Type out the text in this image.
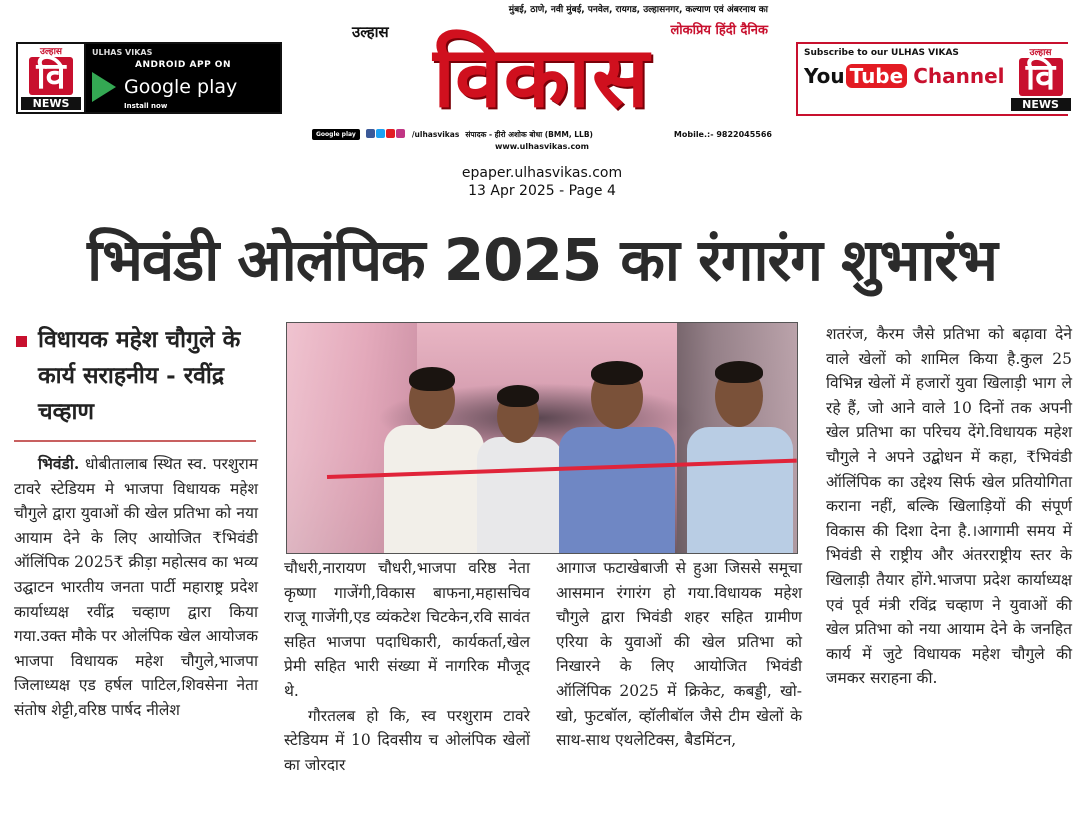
उल्हास
वि
NEWS
ULHAS VIKAS
ANDROID APP ON
Google play
Install now
मुंबई, ठाणे, नवी मुंबई, पनवेल, रायगड, उल्हासनगर, कल्याण एवं अंबरनाथ का
लोकप्रिय हिंदी दैनिक
उल्हास विकास
Google play	/ulhasvikas संपादक - हीरो अशोक बोधा (BMM, LLB)	Mobile.:- 9822045566
www.ulhasvikas.com
Subscribe to our ULHAS VIKAS
You Tube Channel
उल्हास
वि
NEWS
epaper.ulhasvikas.com
13 Apr 2025 - Page 4
भिवंडी ओलंपिक 2025 का रंगारंग शुभारंभ
विधायक महेश चौगुले के कार्य सराहनीय - रवींद्र चव्हाण

भिवंडी. धोबीतालाब स्थित स्व. परशुराम टावरे स्टेडियम मे भाजपा विधायक महेश चौगुले द्वारा युवाओं की खेल प्रतिभा को नया आयाम देने के लिए आयोजित ₹भिवंडी ऑलिंपिक 2025₹ क्रीड़ा महोत्सव का भव्य उद्घाटन भारतीय जनता पार्टी महाराष्ट्र प्रदेश कार्याध्यक्ष रवींद्र चव्हाण द्वारा किया गया.उक्त मौके पर ओलंपिक खेल आयोजक भाजपा विधायक महेश चौगुले,भाजपा जिलाध्यक्ष एड हर्षल पाटिल,शिवसेना नेता संतोष शेट्टी,वरिष्ठ पार्षद नीलेश

चौधरी,नारायण चौधरी,भाजपा वरिष्ठ नेता कृष्णा गाजेंगी,विकास बाफना,महासचिव राजू गाजेंगी,एड व्यंकटेश चिटकेन,रवि सावंत सहित भाजपा पदाधिकारी, कार्यकर्ता,खेल प्रेमी सहित भारी संख्या में नागरिक मौजूद थे.

गौरतलब हो कि, स्व परशुराम टावरे स्टेडियम में 10 दिवसीय च ओलंपिक खेलों का जोरदार

आगाज फटाखेबाजी से हुआ जिससे समूचा आसमान रंगारंग हो गया.विधायक महेश चौगुले द्वारा भिवंडी शहर सहित ग्रामीण एरिया के युवाओं की खेल प्रतिभा को निखारने के लिए आयोजित भिवंडी ऑलिंपिक 2025 में क्रिकेट, कबड्डी, खो-खो, फुटबॉल, व्हॉलीबॉल जैसे टीम खेलों के साथ-साथ एथलेटिक्स, बैडमिंटन,

शतरंज, कैरम जैसे प्रतिभा को बढ़ावा देने वाले खेलों को शामिल किया है.कुल 25 विभिन्न खेलों में हजारों युवा खिलाड़ी भाग ले रहे हैं, जो आने वाले 10 दिनों तक अपनी खेल प्रतिभा का परिचय देंगे.विधायक महेश चौगुले ने अपने उद्बोधन में कहा, ₹भिवंडी ऑलिंपिक का उद्देश्य सिर्फ खेल प्रतियोगिता कराना नहीं, बल्कि खिलाड़ियों की संपूर्ण विकास की दिशा देना है.।आगामी समय में भिवंडी से राष्ट्रीय और अंतरराष्ट्रीय स्तर के खिलाड़ी तैयार होंगे.भाजपा प्रदेश कार्याध्यक्ष एवं पूर्व मंत्री रविंद्र चव्हाण ने युवाओं की खेल प्रतिभा को नया आयाम देने के जनहित कार्य में जुटे विधायक महेश चौगुले की जमकर सराहना की.
